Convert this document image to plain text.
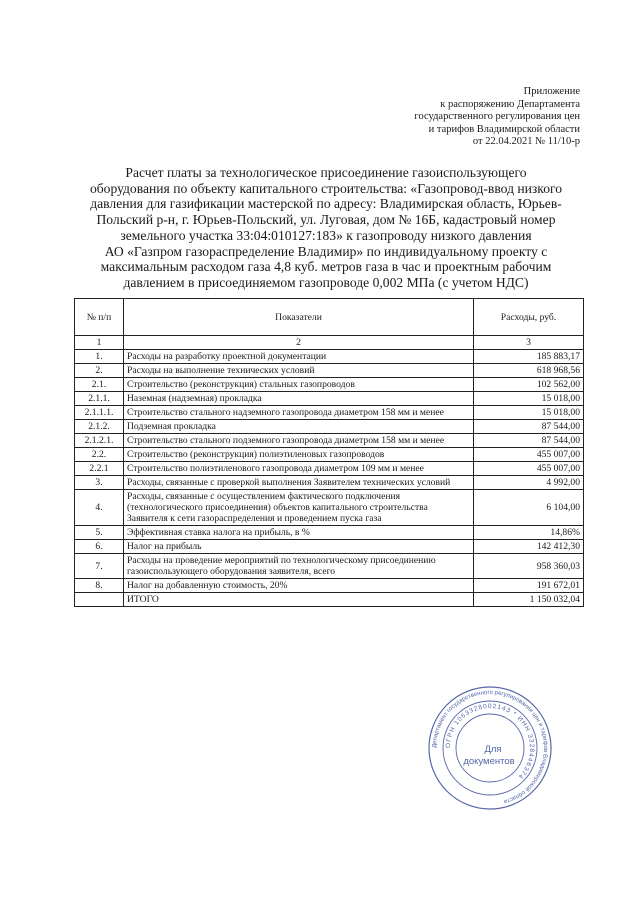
Приложение
к распоряжению Департамента
государственного регулирования цен
и тарифов Владимирской области
от 22.04.2021 № 11/10-р
Расчет платы за технологическое присоединение газоиспользующего
оборудования по объекту капитального строительства: «Газопровод-ввод низкого
давления для газификации мастерской по адресу: Владимирская область, Юрьев-
Польский р-н, г. Юрьев-Польский, ул. Луговая, дом № 16Б, кадастровый номер
земельного участка 33:04:010127:183» к газопроводу низкого давления
АО «Газпром газораспределение Владимир» по индивидуальному проекту с
максимальным расходом газа 4,8 куб. метров газа в час и проектным рабочим
давлением в присоединяемом газопроводе 0,002 МПа (с учетом НДС)
№ п/п	Показатели	Расходы, руб.
1	2	3
1.	Расходы на разработку проектной документации	185 883,17
2.	Расходы на выполнение технических условий	618 968,56
2.1.	Строительство (реконструкция) стальных газопроводов	102 562,00
2.1.1.	Наземная (надземная) прокладка	15 018,00
2.1.1.1.	Строительство стального надземного газопровода диаметром 158 мм и менее	15 018,00
2.1.2.	Подземная прокладка	87 544,00
2.1.2.1.	Строительство стального подземного газопровода диаметром 158 мм и менее	87 544,00
2.2.	Строительство (реконструкция) полиэтиленовых газопроводов	455 007,00
2.2.1	Строительство полиэтиленового газопровода диаметром 109 мм и менее	455 007,00
3.	Расходы, связанные с проверкой выполнения Заявителем технических условий	4 992,00
4.	Расходы, связанные с осуществлением фактического подключения (технологического присоединения) объектов капитального строительства Заявителя к сети газораспределения и проведением пуска газа	6 104,00
5.	Эффективная ставка налога на прибыль, в %	14,86%
6.	Налог на прибыль	142 412,30
7.	Расходы на проведение мероприятий по технологическому присоединению газоиспользующего оборудования заявителя, всего	958 360,03
8.	Налог на добавленную стоимость, 20%	191 672,01
	ИТОГО	1 150 032,04
Департамент государственного регулирования цен и тарифов Владимирской области
ОГРН 1063328002143 * ИНН 3328446374
Для
документов
